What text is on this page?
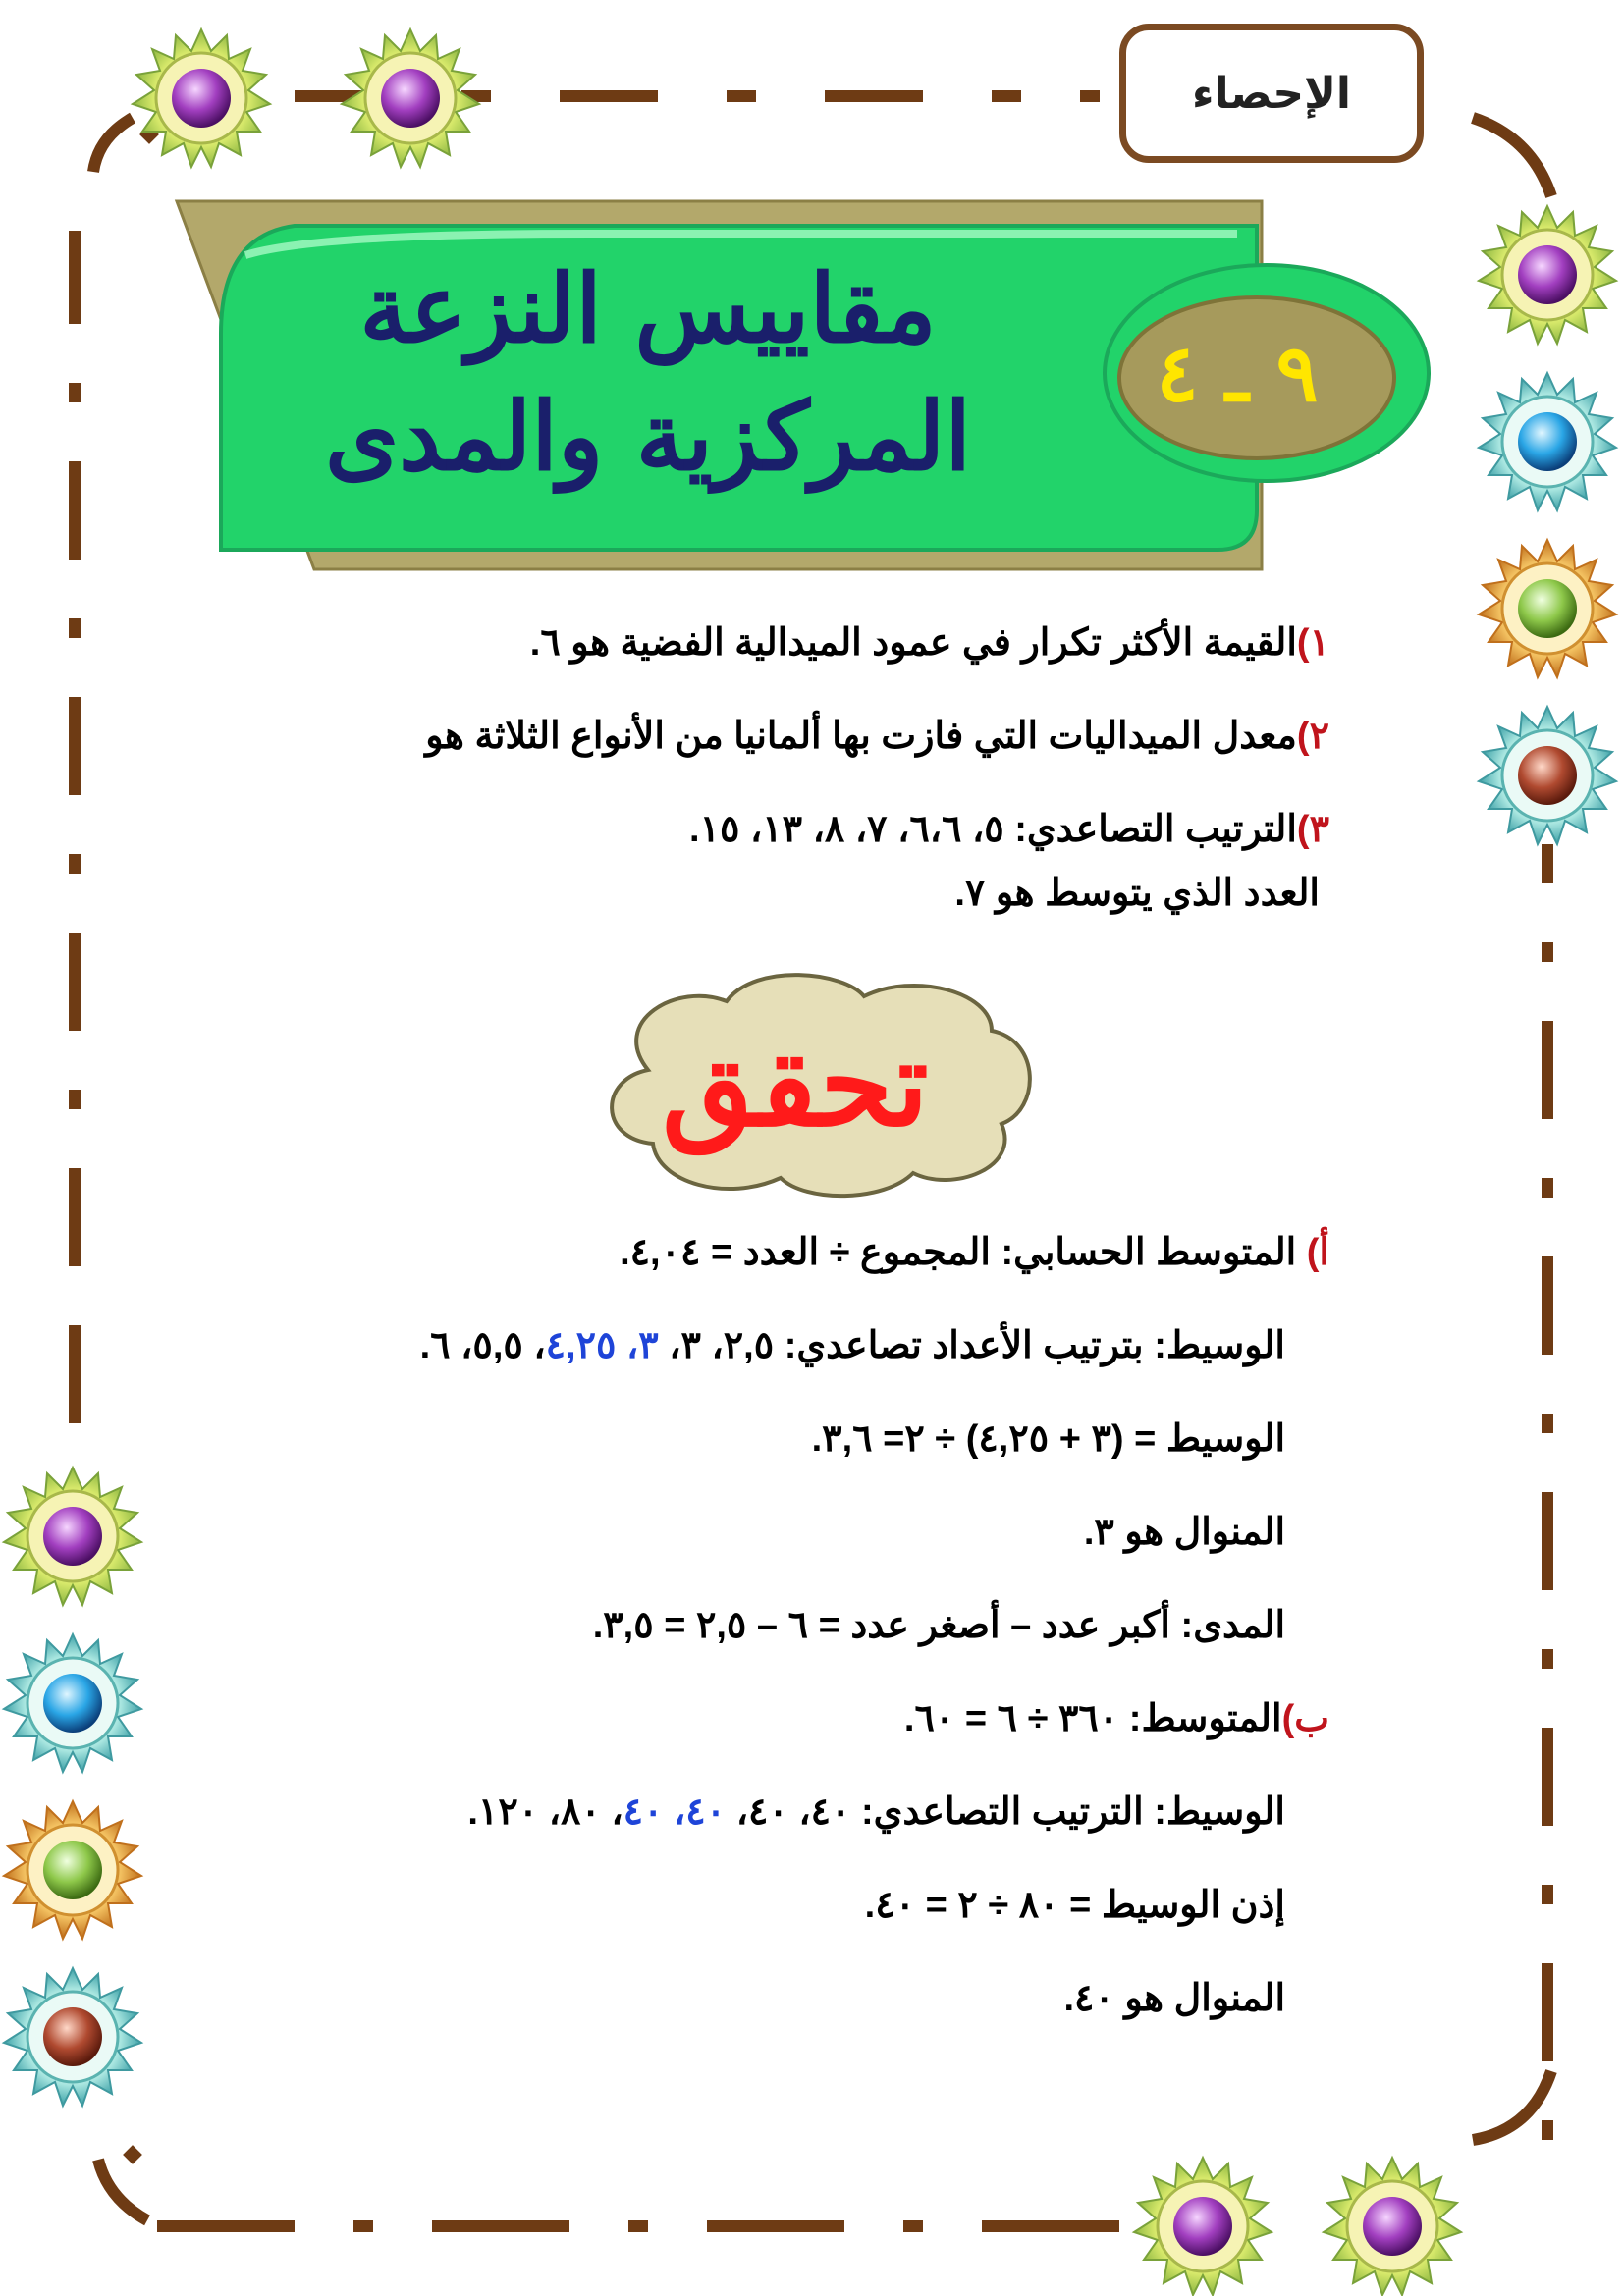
الإحصاء
مقاييس النزعة
المركزية والمدى
٩ ـ ٤
١)القيمة الأكثر تكرار في عمود الميدالية الفضية هو ٦.
٢)معدل الميداليات التي فازت بها ألمانيا من الأنواع الثلاثة هو
٣)الترتيب التصاعدي: ٥، ٦،٦، ٧، ٨، ١٣، ١٥.
العدد الذي يتوسط هو ٧.
تحقق
أ) المتوسط الحسابي: المجموع ÷ العدد = ٤,٠٤.
الوسيط: بترتيب الأعداد تصاعدي: ٢,٥، ٣، ٣، ٤,٢٥، ٥,٥، ٦.
الوسيط = (٣ + ٤,٢٥) ÷ ٢= ٣,٦.
المنوال هو ٣.
المدى: أكبر عدد – أصغر عدد = ٦ – ٢,٥ = ٣,٥.
ب)المتوسط: ٣٦٠ ÷ ٦ = ٦٠.
الوسيط: الترتيب التصاعدي: ٤٠، ٤٠، ٤٠، ٤٠، ٨٠، ١٢٠.
إذن الوسيط = ٨٠ ÷ ٢ = ٤٠.
المنوال هو ٤٠.
